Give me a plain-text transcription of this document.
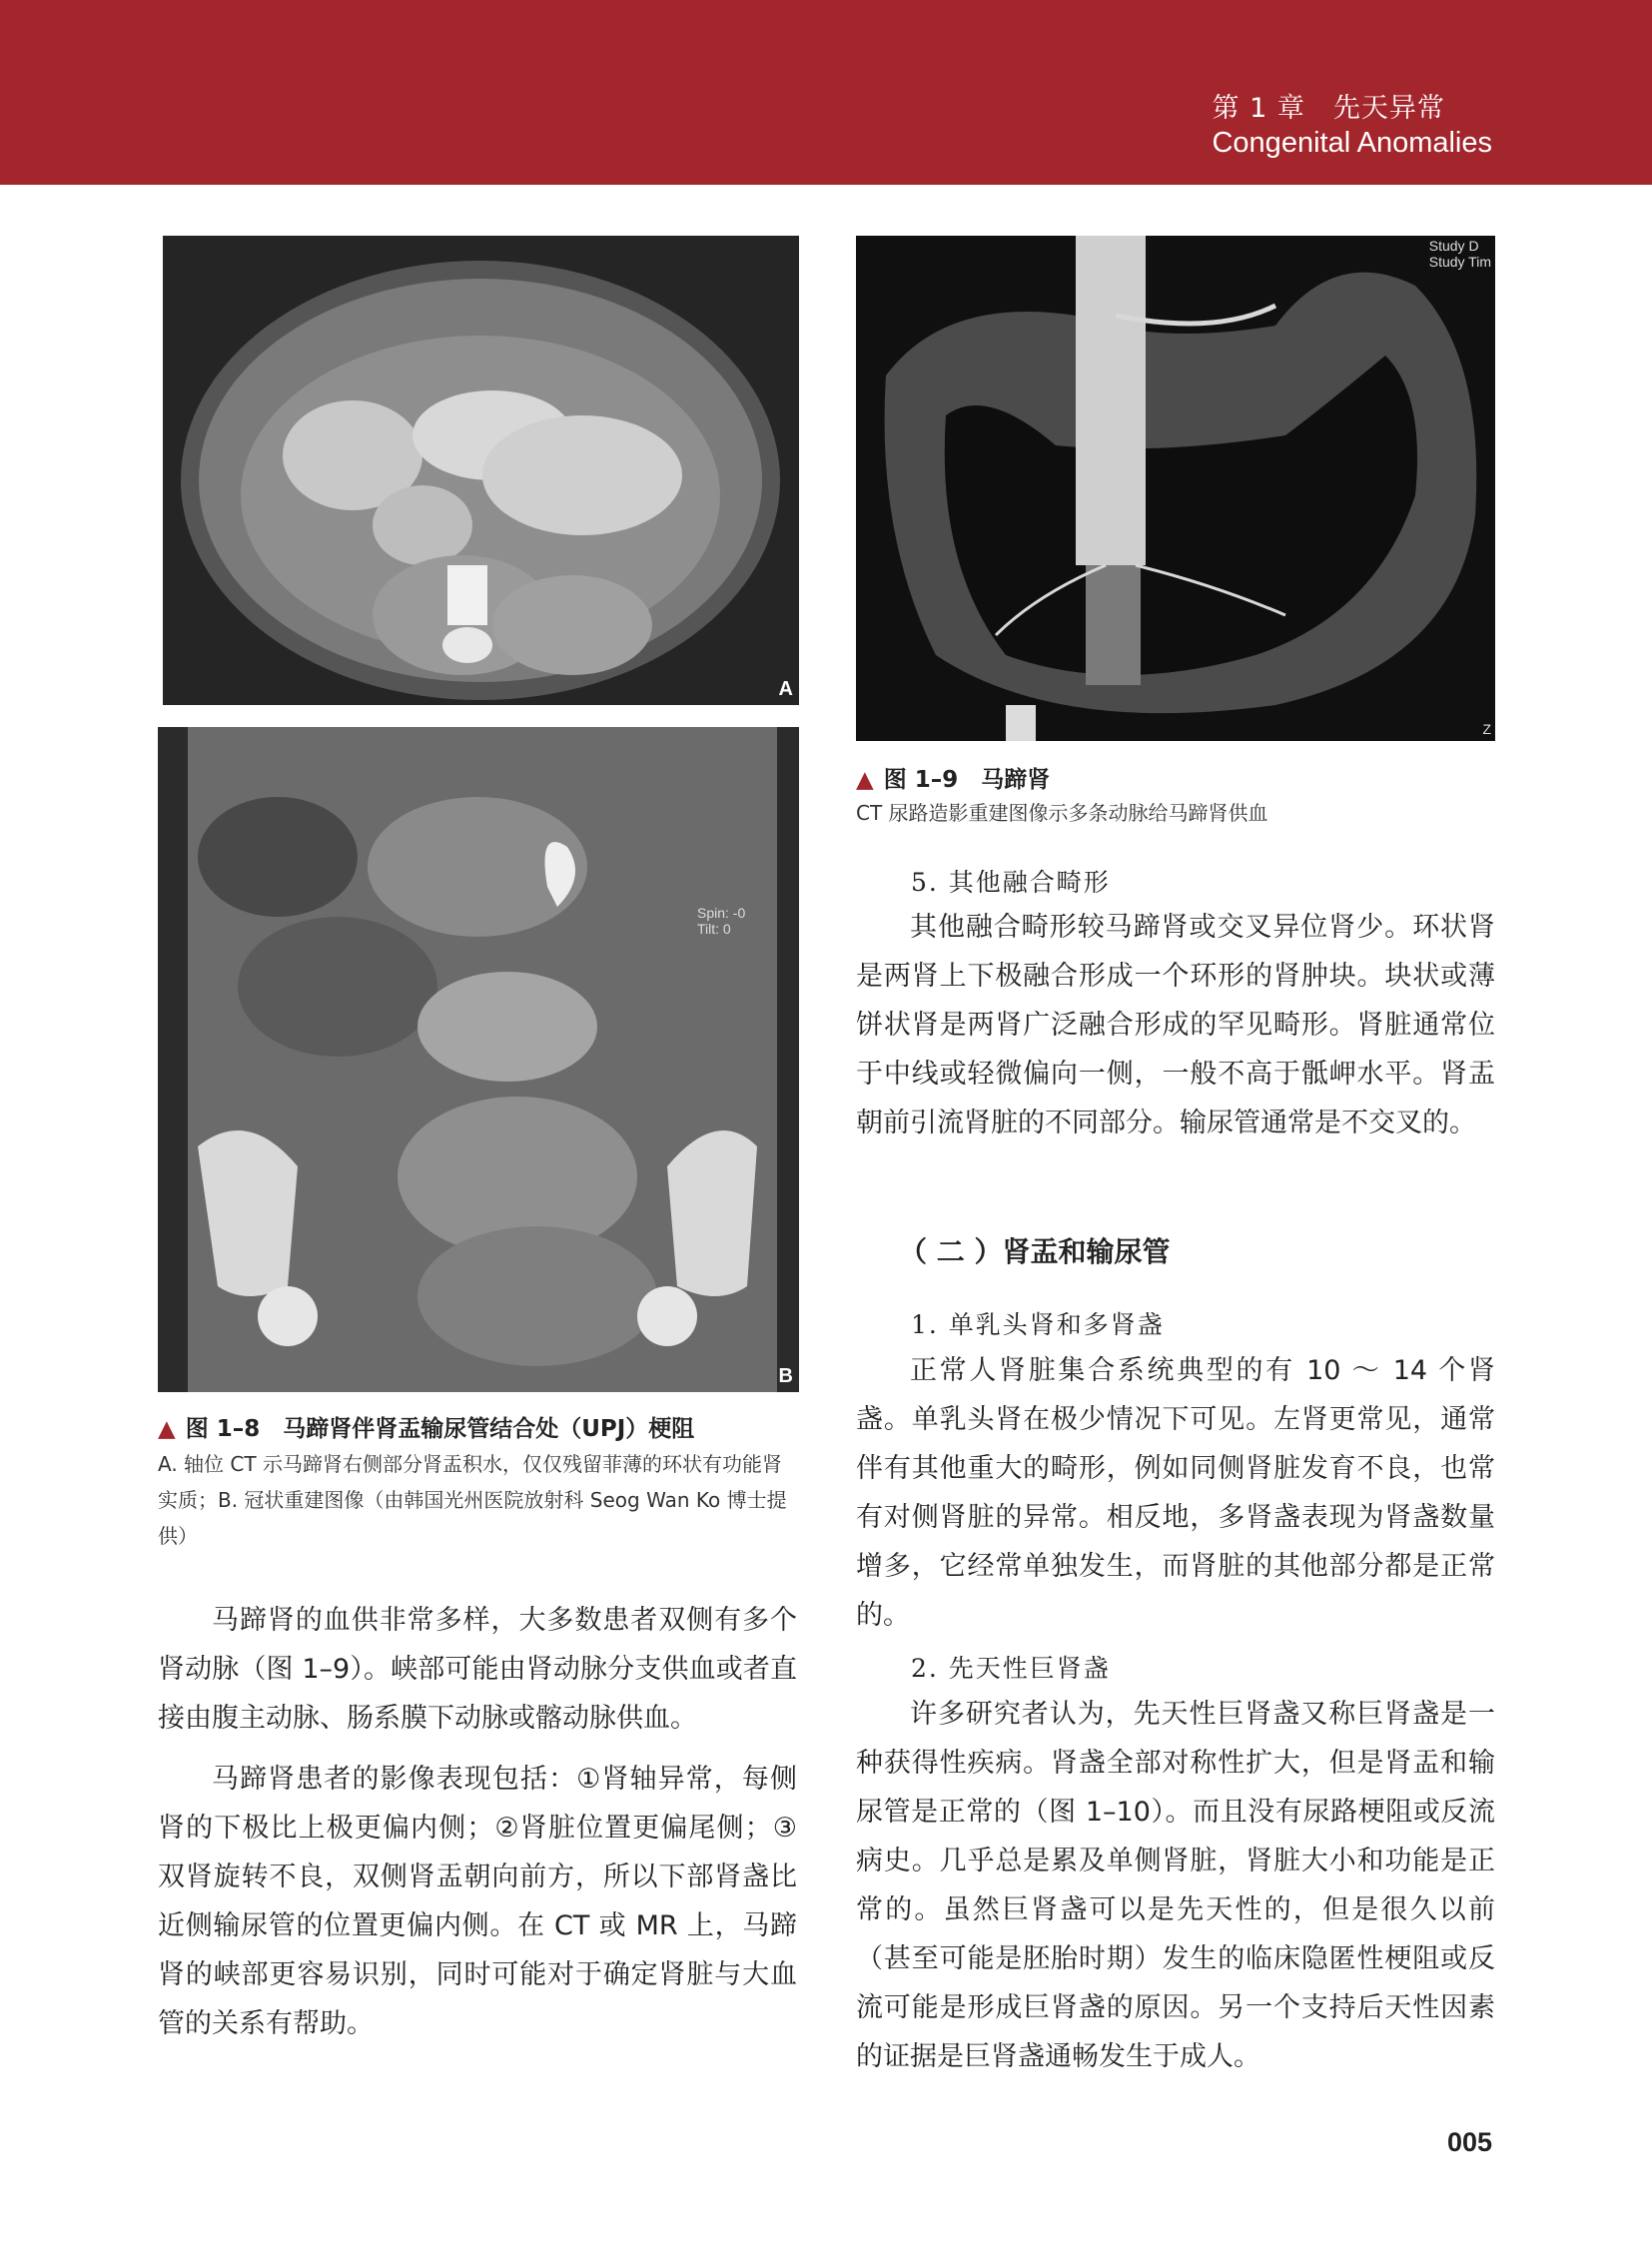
第 1 章　先天异常
Congenital Anomalies
A
Spin: -0
Tilt: 0
B
Study D
Study Tim
Z
▲ 图 1–9　马蹄肾
CT 尿路造影重建图像示多条动脉给马蹄肾供血
▲ 图 1–8　马蹄肾伴肾盂输尿管结合处（UPJ）梗阻
A. 轴位 CT 示马蹄肾右侧部分肾盂积水，仅仅残留菲薄的环状有功能肾实质；B. 冠状重建图像（由韩国光州医院放射科 Seog Wan Ko 博士提供）

马蹄肾的血供非常多样，大多数患者双侧有多个肾动脉（图 1–9）。峡部可能由肾动脉分支供血或者直接由腹主动脉、肠系膜下动脉或髂动脉供血。

马蹄肾患者的影像表现包括：①肾轴异常，每侧肾的下极比上极更偏内侧；②肾脏位置更偏尾侧；③双肾旋转不良，双侧肾盂朝向前方，所以下部肾盏比近侧输尿管的位置更偏内侧。在 CT 或 MR 上，马蹄肾的峡部更容易识别，同时可能对于确定肾脏与大血管的关系有帮助。

5. 其他融合畸形

其他融合畸形较马蹄肾或交叉异位肾少。环状肾是两肾上下极融合形成一个环形的肾肿块。块状或薄饼状肾是两肾广泛融合形成的罕见畸形。肾脏通常位于中线或轻微偏向一侧，一般不高于骶岬水平。肾盂朝前引流肾脏的不同部分。输尿管通常是不交叉的。

（ 二 ）肾盂和输尿管
1. 单乳头肾和多肾盏

正常人肾脏集合系统典型的有 10 ～ 14 个肾盏。单乳头肾在极少情况下可见。左肾更常见，通常伴有其他重大的畸形，例如同侧肾脏发育不良，也常有对侧肾脏的异常。相反地，多肾盏表现为肾盏数量增多，它经常单独发生，而肾脏的其他部分都是正常的。

2. 先天性巨肾盏

许多研究者认为，先天性巨肾盏又称巨肾盏是一种获得性疾病。肾盏全部对称性扩大，但是肾盂和输尿管是正常的（图 1–10）。而且没有尿路梗阻或反流病史。几乎总是累及单侧肾脏，肾脏大小和功能是正常的。虽然巨肾盏可以是先天性的，但是很久以前（甚至可能是胚胎时期）发生的临床隐匿性梗阻或反流可能是形成巨肾盏的原因。另一个支持后天性因素的证据是巨肾盏通畅发生于成人。

005
